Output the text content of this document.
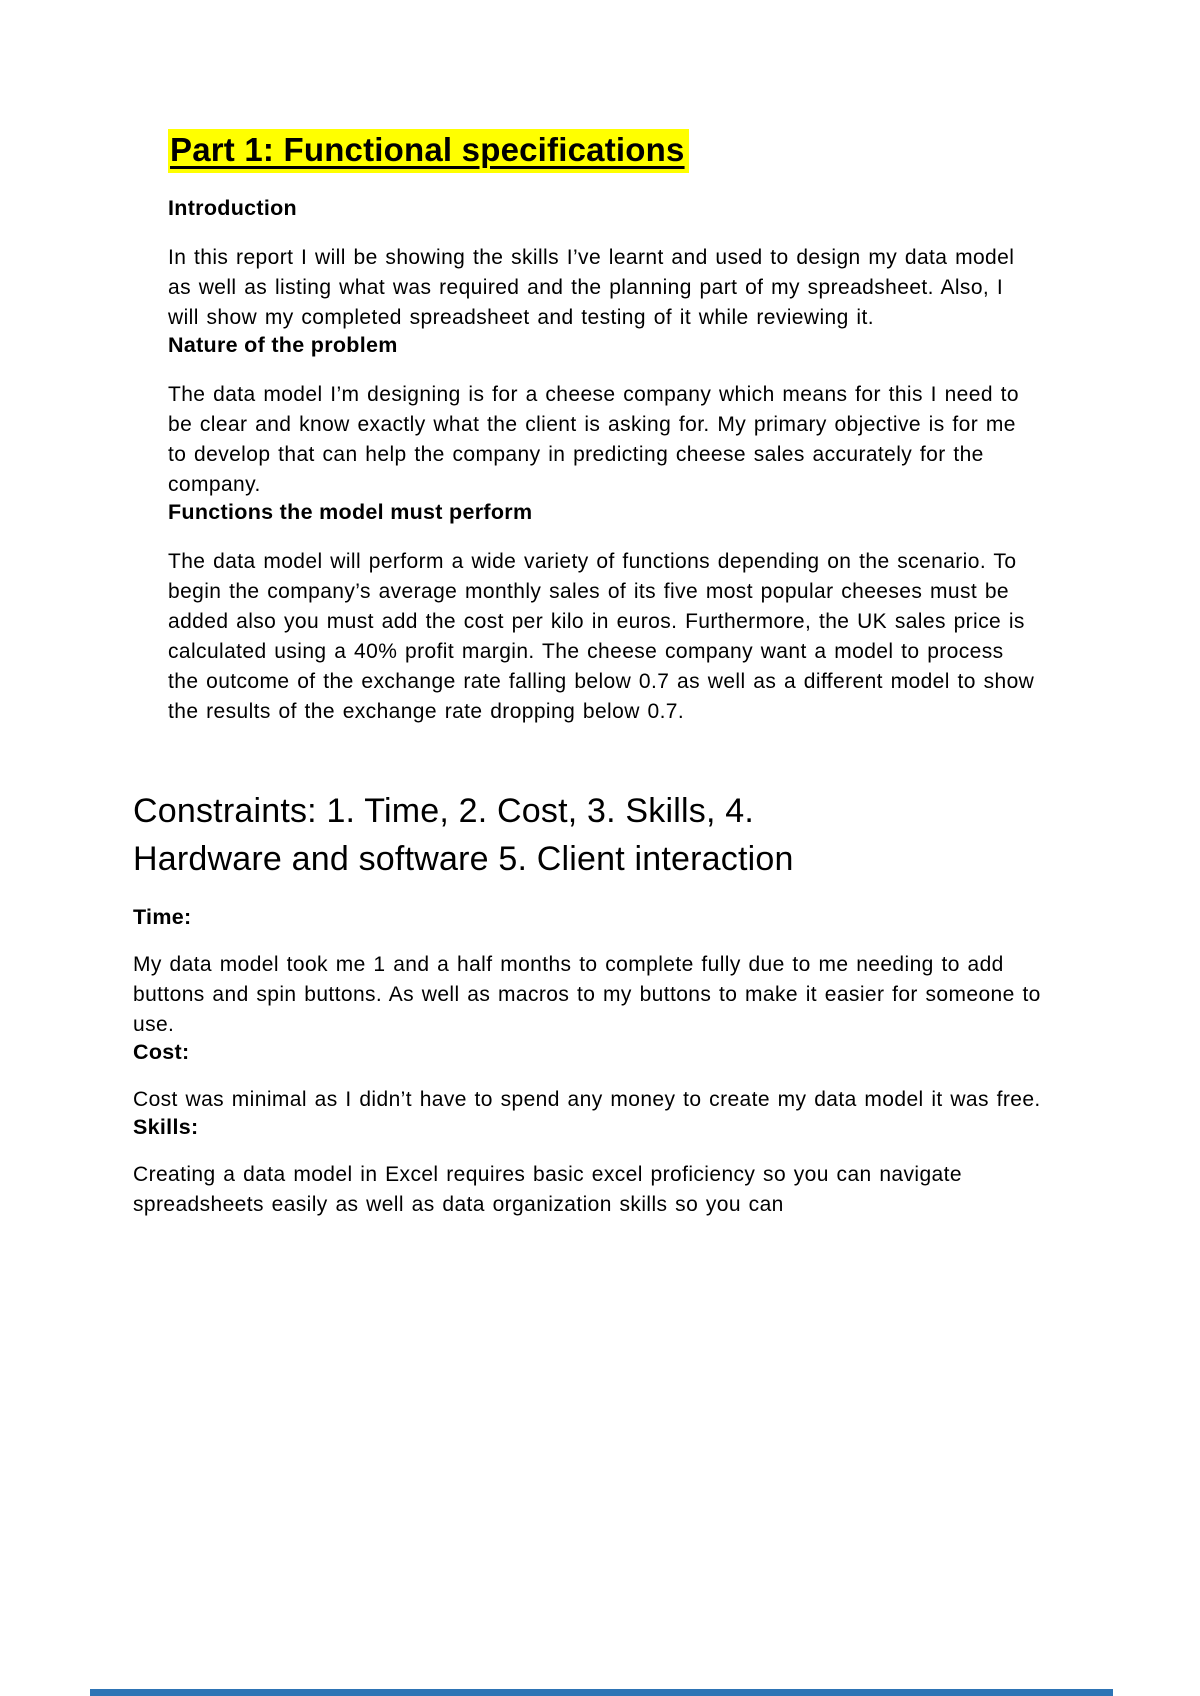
Part 1: Functional specifications
Introduction

In this report I will be showing the skills I’ve learnt and used to design my data model as well as listing what was required and the planning part of my spreadsheet. Also, I will show my completed spreadsheet and testing of it while reviewing it.

Nature of the problem

The data model I’m designing is for a cheese company which means for this I need to be clear and know exactly what the client is asking for. My primary objective is for me to develop that can help the company in predicting cheese sales accurately for the company.

Functions the model must perform

The data model will perform a wide variety of functions depending on the scenario. To begin the company’s average monthly sales of its five most popular cheeses must be added also you must add the cost per kilo in euros. Furthermore, the UK sales price is calculated using a 40% profit margin. The cheese company want a model to process the outcome of the exchange rate falling below 0.7 as well as a different model to show the results of the exchange rate dropping below 0.7.

Constraints: 1. Time, 2. Cost, 3. Skills, 4. Hardware and software 5. Client interaction
Time:

My data model took me 1 and a half months to complete fully due to me needing to add buttons and spin buttons. As well as macros to my buttons to make it easier for someone to use.

Cost:

Cost was minimal as I didn’t have to spend any money to create my data model it was free.

Skills:

Creating a data model in Excel requires basic excel proficiency so you can navigate spreadsheets easily as well as data organization skills so you can
